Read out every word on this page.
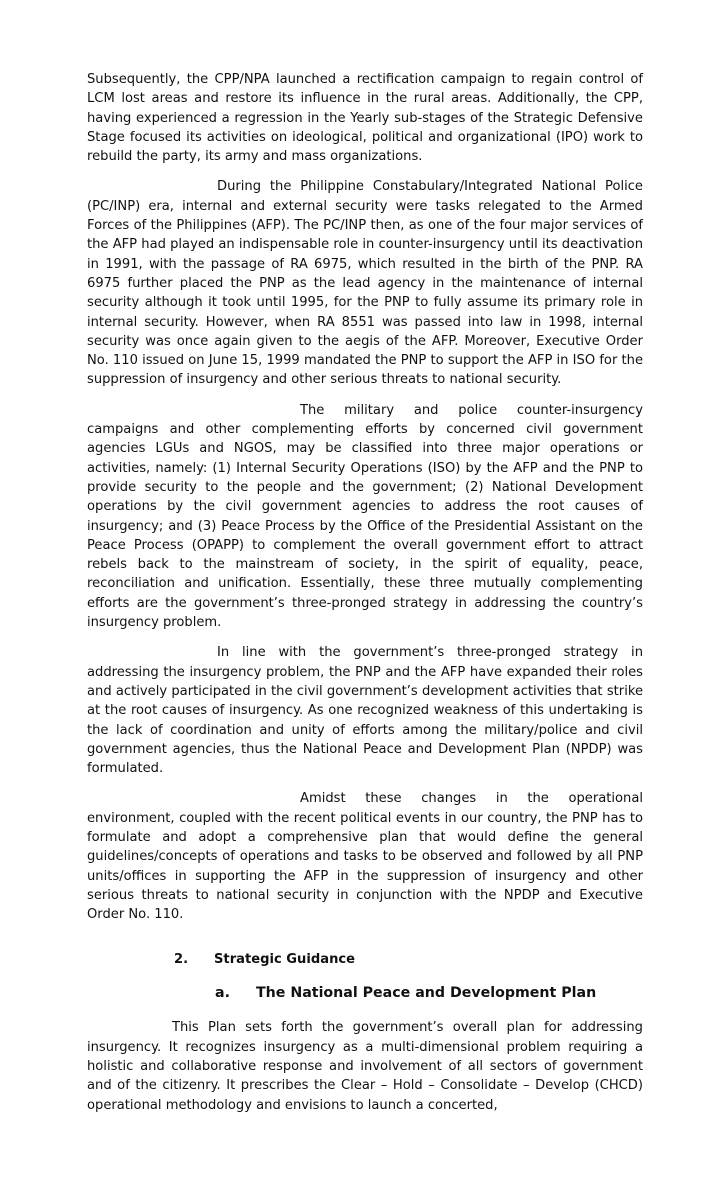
Subsequently, the CPP/NPA launched a rectification campaign to regain control of LCM lost areas and restore its influence in the rural areas. Additionally, the CPP, having experienced a regression in the Yearly sub-stages of the Strategic Defensive Stage focused its activities on ideological, political and organizational (IPO) work to rebuild the party, its army and mass organizations.

During the Philippine Constabulary/Integrated National Police (PC/INP) era, internal and external security were tasks relegated to the Armed Forces of the Philippines (AFP). The PC/INP then, as one of the four major services of the AFP had played an indispensable role in counter-insurgency until its deactivation in 1991, with the passage of RA 6975, which resulted in the birth of the PNP. RA 6975 further placed the PNP as the lead agency in the maintenance of internal security although it took until 1995, for the PNP to fully assume its primary role in internal security. However, when RA 8551 was passed into law in 1998, internal security was once again given to the aegis of the AFP. Moreover, Executive Order No. 110 issued on June 15, 1999 mandated the PNP to support the AFP in ISO for the suppression of insurgency and other serious threats to national security.

The military and police counter-insurgency campaigns and other complementing efforts by concerned civil government agencies LGUs and NGOS, may be classified into three major operations or activities, namely: (1) Internal Security Operations (ISO) by the AFP and the PNP to provide security to the people and the government; (2) National Development operations by the civil government agencies to address the root causes of insurgency; and (3) Peace Process by the Office of the Presidential Assistant on the Peace Process (OPAPP) to complement the overall government effort to attract rebels back to the mainstream of society, in the spirit of equality, peace, reconciliation and unification. Essentially, these three mutually complementing efforts are the government’s three-pronged strategy in addressing the country’s insurgency problem.

In line with the government’s three-pronged strategy in addressing the insurgency problem, the PNP and the AFP have expanded their roles and actively participated in the civil government’s development activities that strike at the root causes of insurgency. As one recognized weakness of this undertaking is the lack of coordination and unity of efforts among the military/police and civil government agencies, thus the National Peace and Development Plan (NPDP) was formulated.

Amidst these changes in the operational environment, coupled with the recent political events in our country, the PNP has to formulate and adopt a comprehensive plan that would define the general guidelines/concepts of operations and tasks to be observed and followed by all PNP units/offices in supporting the AFP in the suppression of insurgency and other serious threats to national security in conjunction with the NPDP and Executive Order No. 110.

2. Strategic Guidance
a. The National Peace and Development Plan

This Plan sets forth the government’s overall plan for addressing insurgency. It recognizes insurgency as a multi-dimensional problem requiring a holistic and collaborative response and involvement of all sectors of government and of the citizenry. It prescribes the Clear – Hold – Consolidate – Develop (CHCD) operational methodology and envisions to launch a concerted,
